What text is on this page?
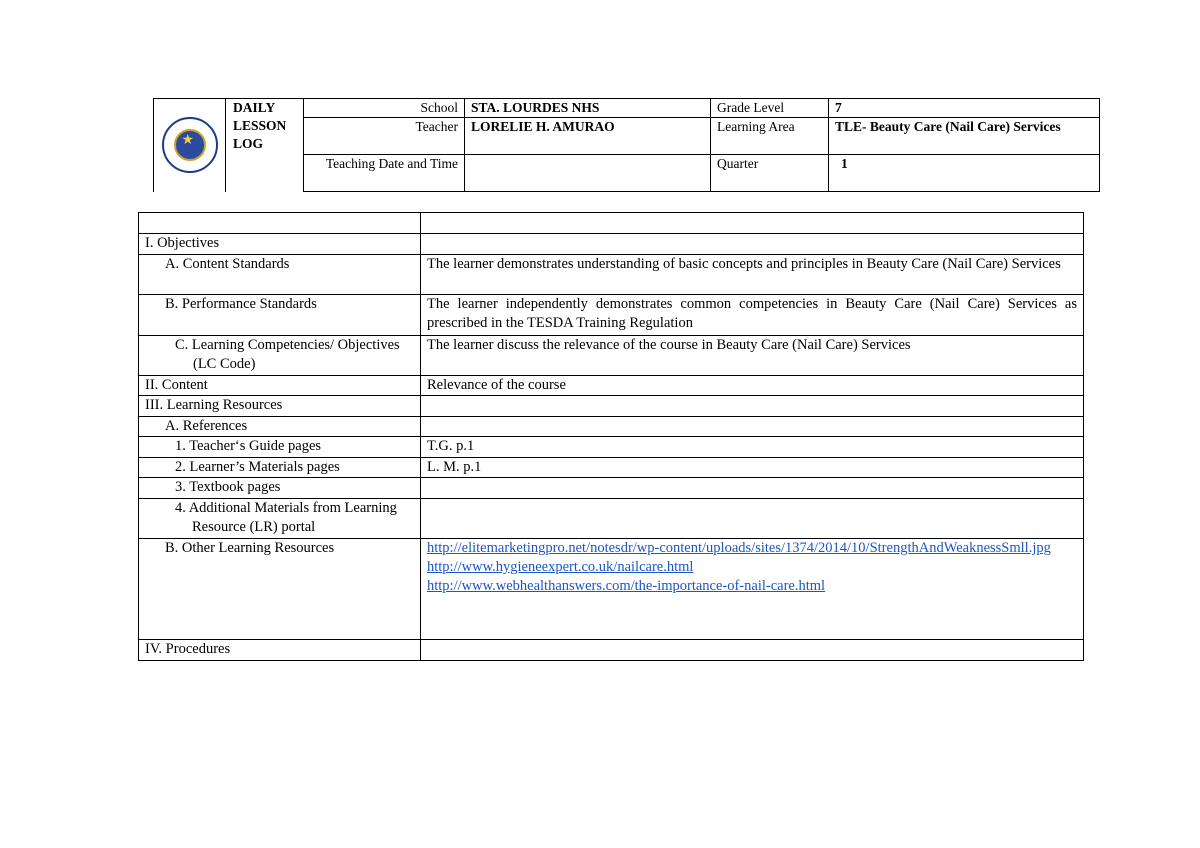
★	DAILY LESSON LOG	School	STA. LOURDES NHS	Grade Level	7
		Teacher	LORELIE H. AMURAO	Learning Area	TLE- Beauty Care (Nail Care) Services
		Teaching Date and Time		Quarter	1

I. Objectives	
A. Content Standards	The learner demonstrates understanding of basic concepts and principles in Beauty Care (Nail Care) Services
B. Performance Standards	The learner independently demonstrates common competencies in Beauty Care (Nail Care) Services as prescribed in the TESDA Training Regulation

C. Learning Competencies/ Objectives (LC Code)	The learner discuss the relevance of the course in Beauty Care (Nail Care) Services
II. Content	Relevance of the course
III. Learning Resources	
A. References	
1. Teacher‘s Guide pages	T.G. p.1
2. Learner’s Materials pages	L. M. p.1
3. Textbook pages	

4. Additional Materials from Learning Resource (LR) portal	

B. Other Learning Resources	http://elitemarketingpro.net/notesdr/wp-content/uploads/sites/1374/2014/10/StrengthAndWeaknessSmll.jpg
http://www.hygieneexpert.co.uk/nailcare.html
http://www.webhealthanswers.com/the-importance-of-nail-care.html

IV. Procedures	
